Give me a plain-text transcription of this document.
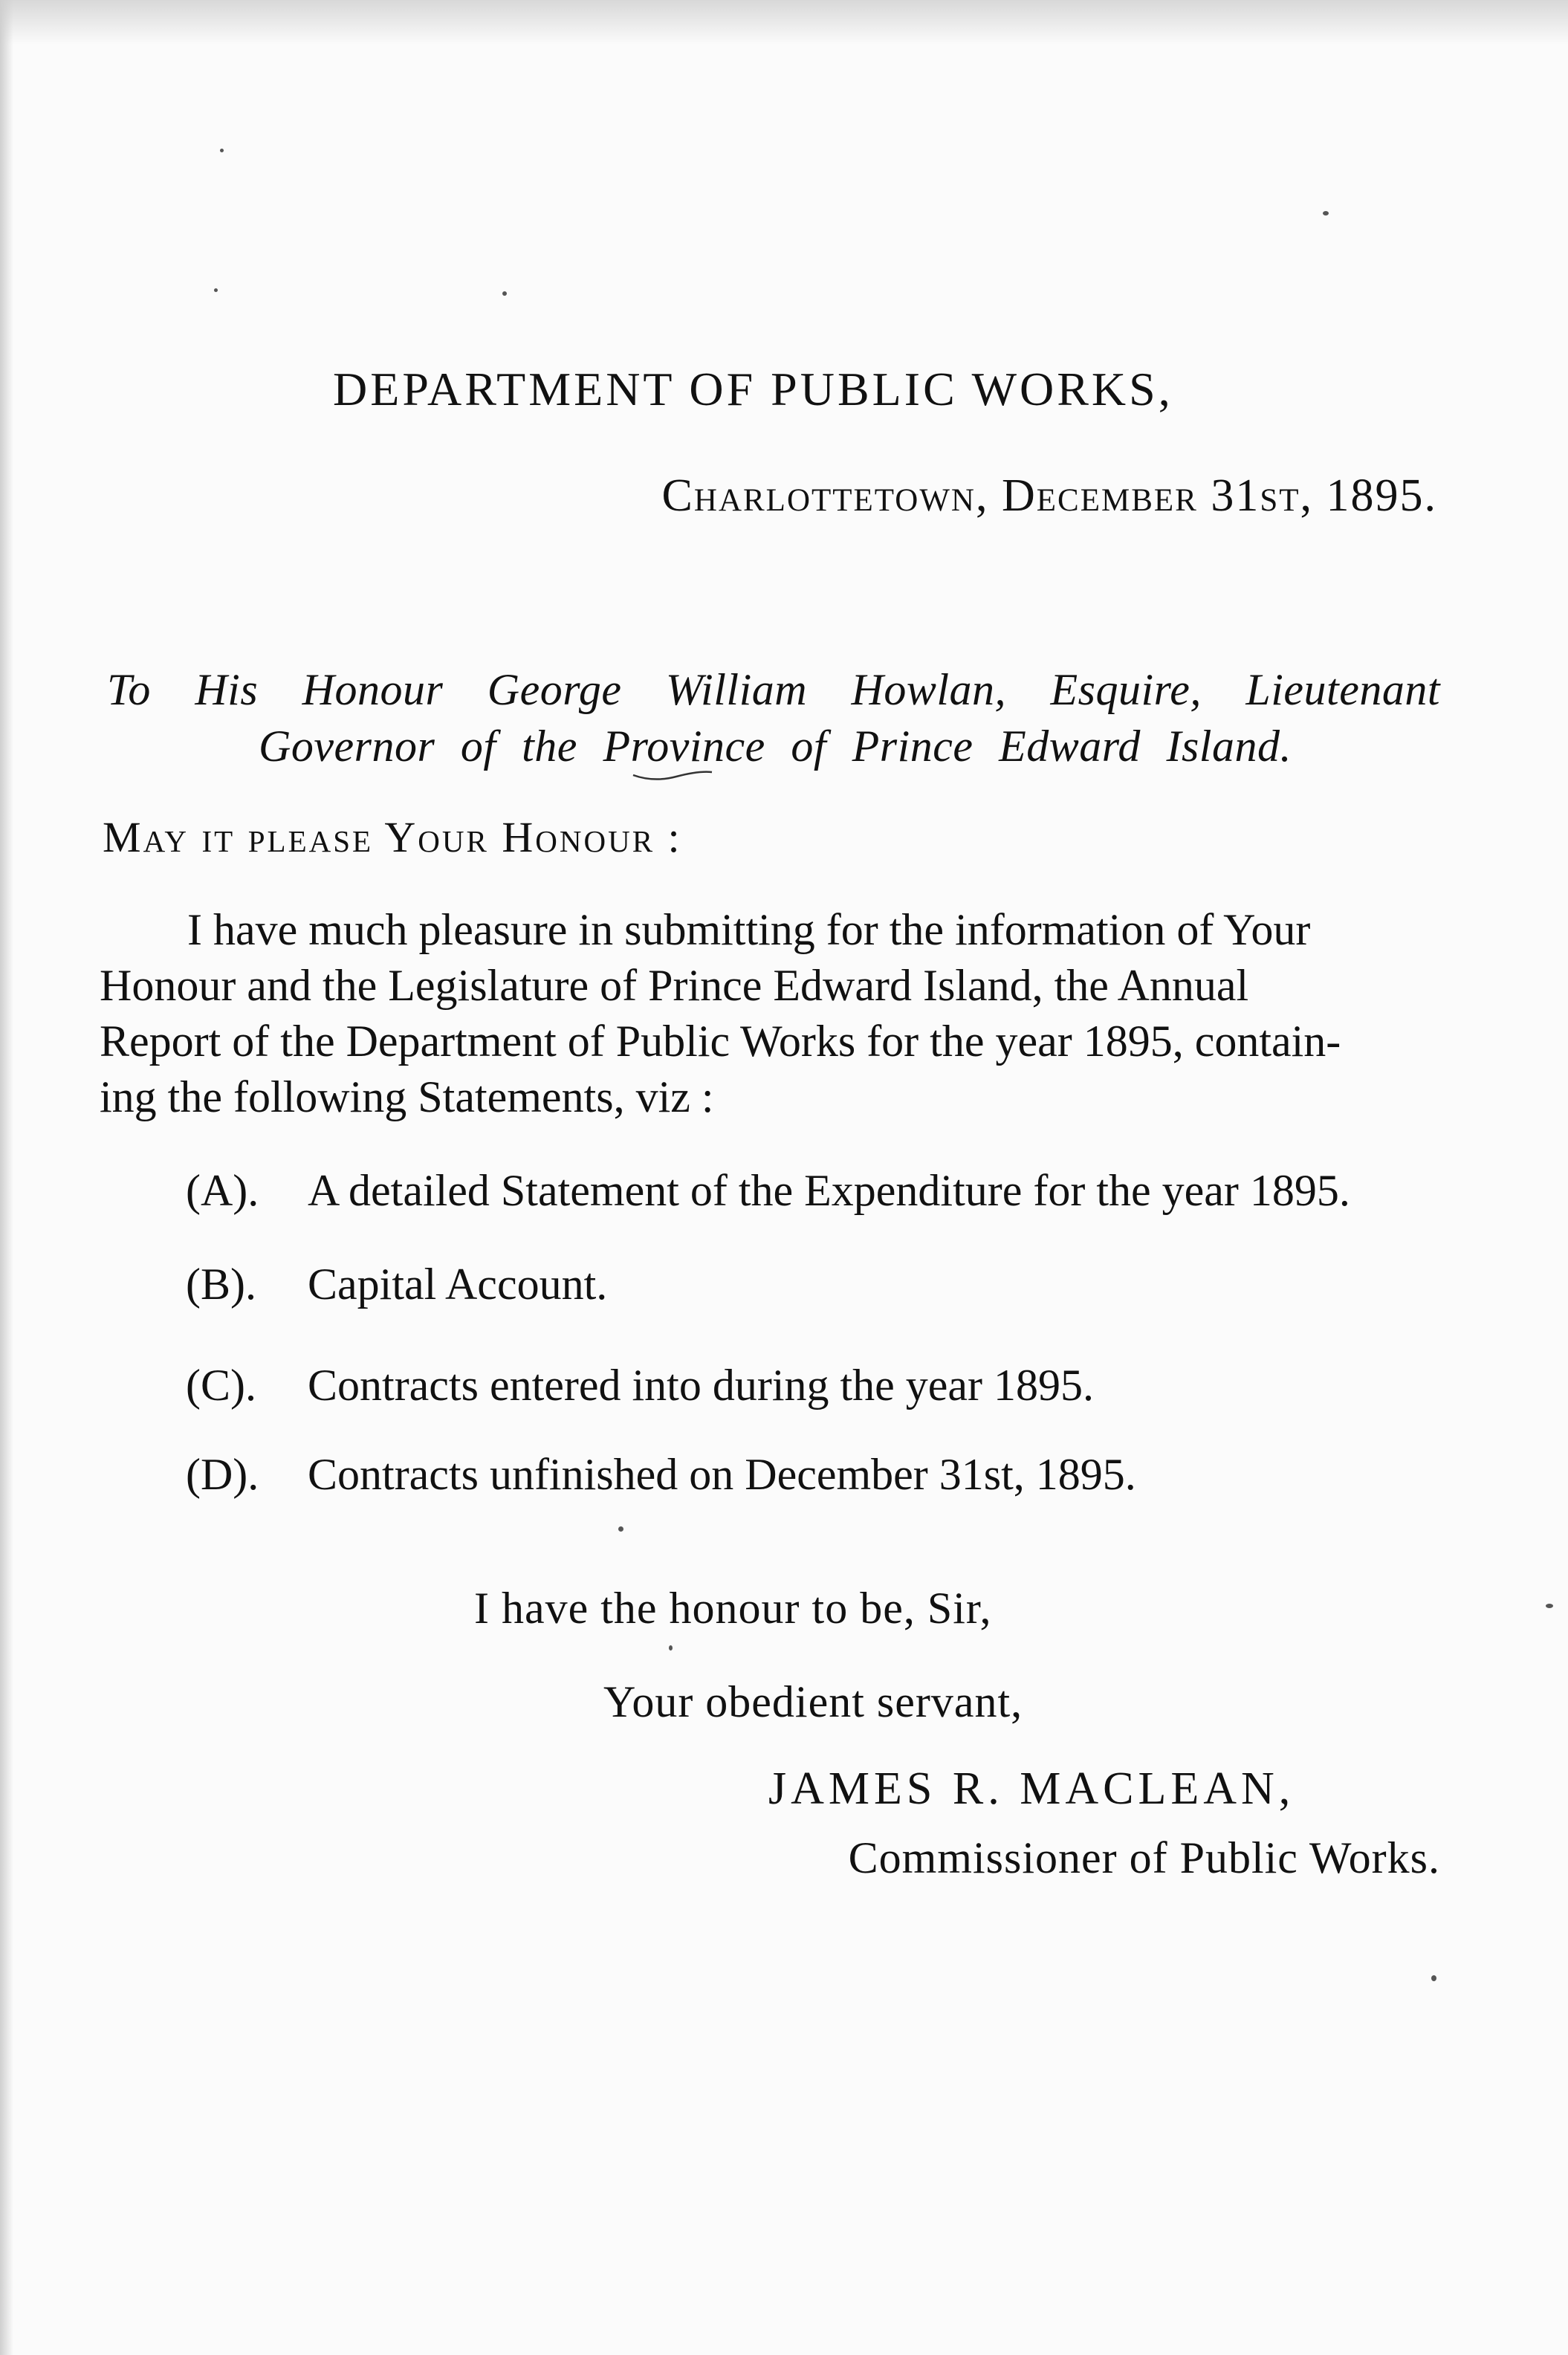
DEPARTMENT OF PUBLIC WORKS,
Charlottetown, December 31st, 1895.
To His Honour George William Howlan, Esquire, Lieutenant
Governor of the Province of Prince Edward Island.
May it please Your Honour :
I have much pleasure in submitting for the information of Your
Honour and the Legislature of Prince Edward Island, the Annual
Report of the Department of Public Works for the year 1895, contain-
ing the following Statements, viz :
(A). A detailed Statement of the Expenditure for the year 1895.
(B). Capital Account.
(C). Contracts entered into during the year 1895.
(D). Contracts unfinished on December 31st, 1895.
I have the honour to be, Sir,
Your obedient servant,
JAMES R. MACLEAN,
Commissioner of Public Works.
